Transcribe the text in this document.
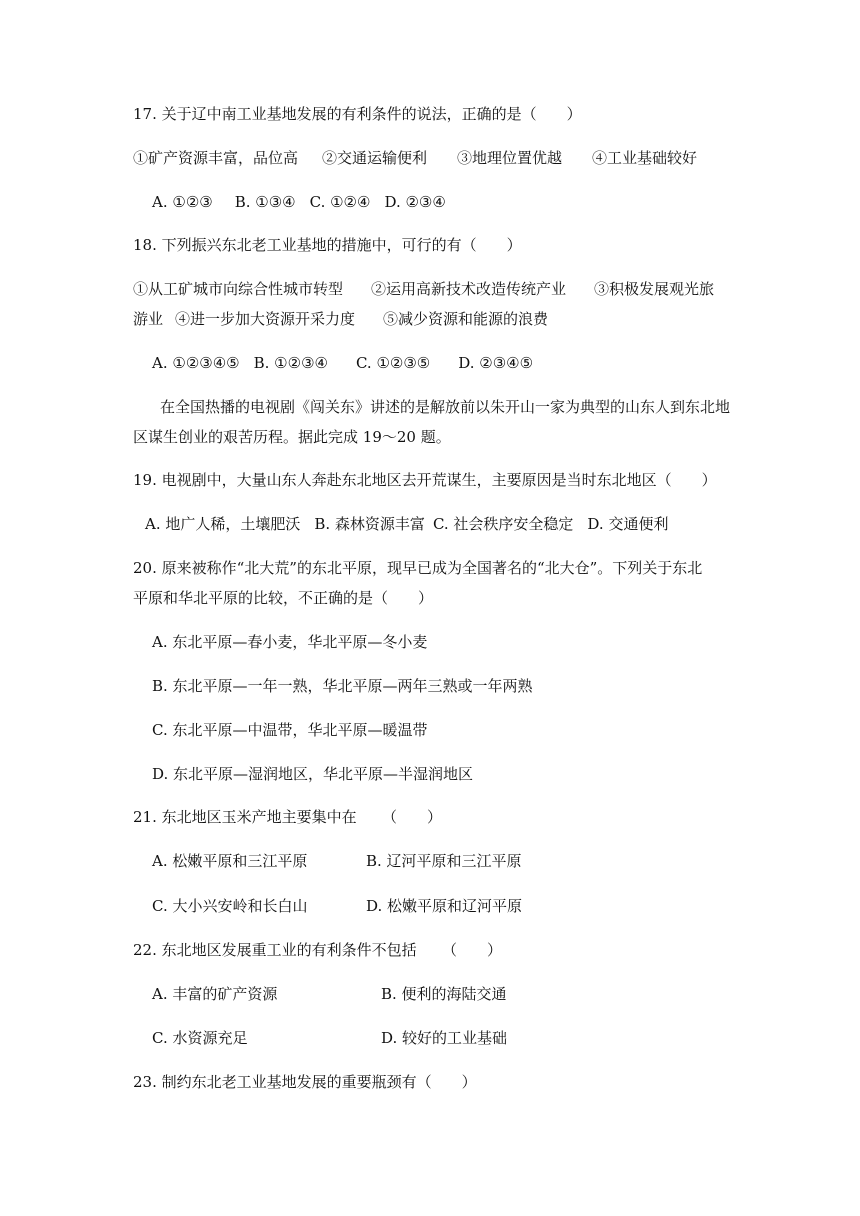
17. 关于辽中南工业基地发展的有利条件的说法，正确的是（　　）
①矿产资源丰富，品位高 ②交通运输便利 ③地理位置优越 ④工业基础较好
A. ①②③ B. ①③④ C. ①②④ D. ②③④
18. 下列振兴东北老工业基地的措施中，可行的有（　　）
①从工矿城市向综合性城市转型 ②运用高新技术改造传统产业 ③积极发展观光旅
游业 ④进一步加大资源开采力度 ⑤减少资源和能源的浪费
A. ①②③④⑤ B. ①②③④ C. ①②③⑤ D. ②③④⑤
在全国热播的电视剧《闯关东》讲述的是解放前以朱开山一家为典型的山东人到东北地
区谋生创业的艰苦历程。据此完成 19～20 题。
19. 电视剧中，大量山东人奔赴东北地区去开荒谋生，主要原因是当时东北地区（　　）
A. 地广人稀，土壤肥沃 B. 森林资源丰富 C. 社会秩序安全稳定 D. 交通便利
20. 原来被称作“北大荒”的东北平原，现早已成为全国著名的“北大仓”。下列关于东北
平原和华北平原的比较，不正确的是（　　）
A. 东北平原—春小麦，华北平原—冬小麦
B. 东北平原—一年一熟，华北平原—两年三熟或一年两熟
C. 东北平原—中温带，华北平原—暖温带
D. 东北平原—湿润地区，华北平原—半湿润地区
21. 东北地区玉米产地主要集中在 （　　）
A. 松嫩平原和三江平原	B. 辽河平原和三江平原
C. 大小兴安岭和长白山	D. 松嫩平原和辽河平原
22. 东北地区发展重工业的有利条件不包括 （　　）
A. 丰富的矿产资源	B. 便利的海陆交通
C. 水资源充足	D. 较好的工业基础
23. 制约东北老工业基地发展的重要瓶颈有（　　）
